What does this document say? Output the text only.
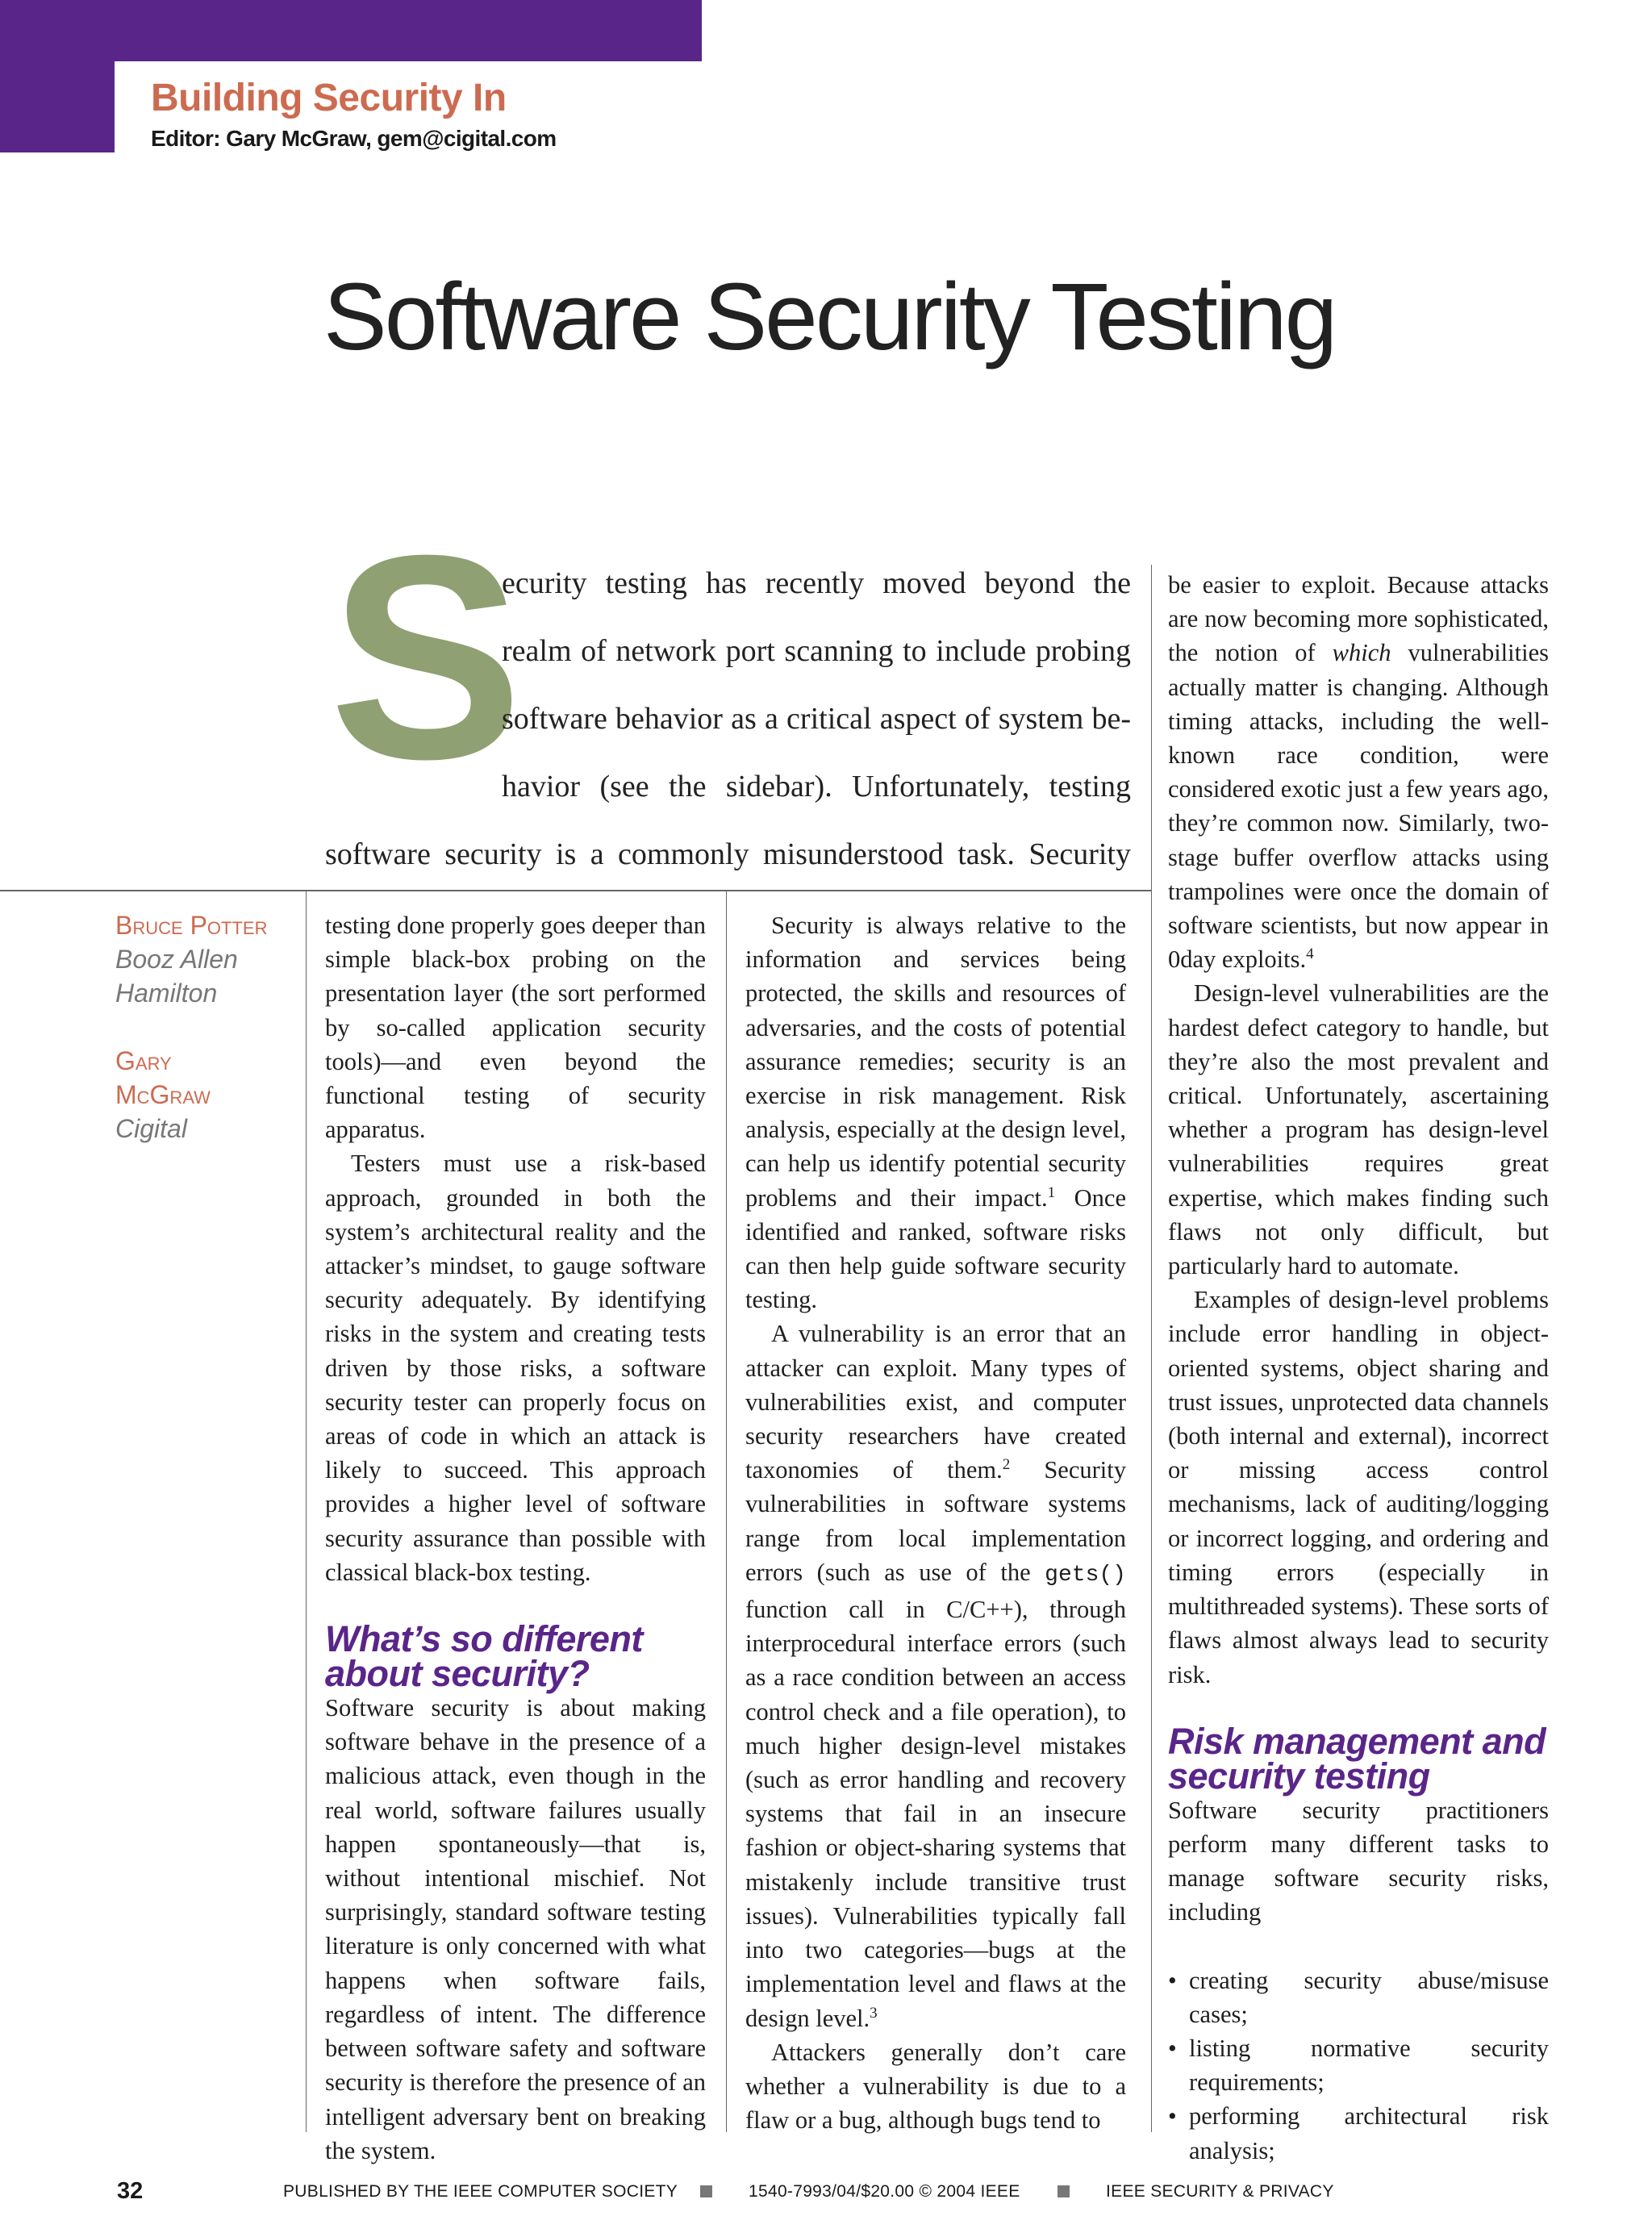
Building Security In

Editor: Gary McGraw, gem@cigital.com

Software Security Testing

S

ecurity testing has recently moved beyond the

realm of network port scanning to include probing

software behavior as a critical aspect of system be-

havior (see the sidebar). Unfortunately, testing

software security is a commonly misunderstood task. Security

Bruce Potter

Booz Allen

Hamilton

Gary

McGraw

Cigital

testing done properly goes deeper than simple black-box probing on the presentation layer (the sort performed by so-called application security tools)—and even beyond the functional testing of security apparatus.

Testers must use a risk-based approach, grounded in both the system’s architectural reality and the attacker’s mindset, to gauge software security adequately. By identifying risks in the system and creating tests driven by those risks, a software security tester can properly focus on areas of code in which an attack is likely to succeed. This approach provides a higher level of software security assurance than possible with classical black-box testing.

What’s so different about security?

Software security is about making software behave in the presence of a malicious attack, even though in the real world, software failures usually happen spontaneously—that is, without intentional mischief. Not surprisingly, standard software testing literature is only concerned with what happens when software fails, regardless of intent. The difference between software safety and software security is therefore the presence of an intelligent adversary bent on breaking the system.

Security is always relative to the information and services being protected, the skills and resources of adversaries, and the costs of potential assurance remedies; security is an exercise in risk management. Risk analysis, especially at the design level, can help us identify potential security problems and their impact.$^1$ Once identified and ranked, software risks can then help guide software security testing.

A vulnerability is an error that an attacker can exploit. Many types of vulnerabilities exist, and computer security researchers have created taxonomies of them.$^2$ Security vulnerabilities in software systems range from local implementation errors (such as use of the gets() function call in C/C++), through interprocedural interface errors (such as a race condition between an access control check and a file operation), to much higher design-level mistakes (such as error handling and recovery systems that fail in an insecure fashion or object-sharing systems that mistakenly include transitive trust issues). Vulnerabilities typically fall into two categories—bugs at the implementation level and flaws at the design level.$^3$

Attackers generally don’t care whether a vulnerability is due to a flaw or a bug, although bugs tend to

be easier to exploit. Because attacks are now becoming more sophisticated, the notion of which vulnerabilities actually matter is changing. Although timing attacks, including the well-known race condition, were considered exotic just a few years ago, they’re common now. Similarly, two-stage buffer overflow attacks using trampolines were once the domain of software scientists, but now appear in 0day exploits.$^4$

Design-level vulnerabilities are the hardest defect category to handle, but they’re also the most prevalent and critical. Unfortunately, ascertaining whether a program has design-level vulnerabilities requires great expertise, which makes finding such flaws not only difficult, but particularly hard to automate.

Examples of design-level problems include error handling in object-oriented systems, object sharing and trust issues, unprotected data channels (both internal and external), incorrect or missing access control mechanisms, lack of auditing/logging or incorrect logging, and ordering and timing errors (especially in multithreaded systems). These sorts of flaws almost always lead to security risk.

Risk management and security testing

Software security practitioners perform many different tasks to manage software security risks, including

• creating security abuse/misuse cases;
• listing normative security requirements;
• performing architectural risk analysis;

32	PUBLISHED BY THE IEEE COMPUTER SOCIETY	1540-7993/04/$20.00 © 2004 IEEE	IEEE SECURITY & PRIVACY
